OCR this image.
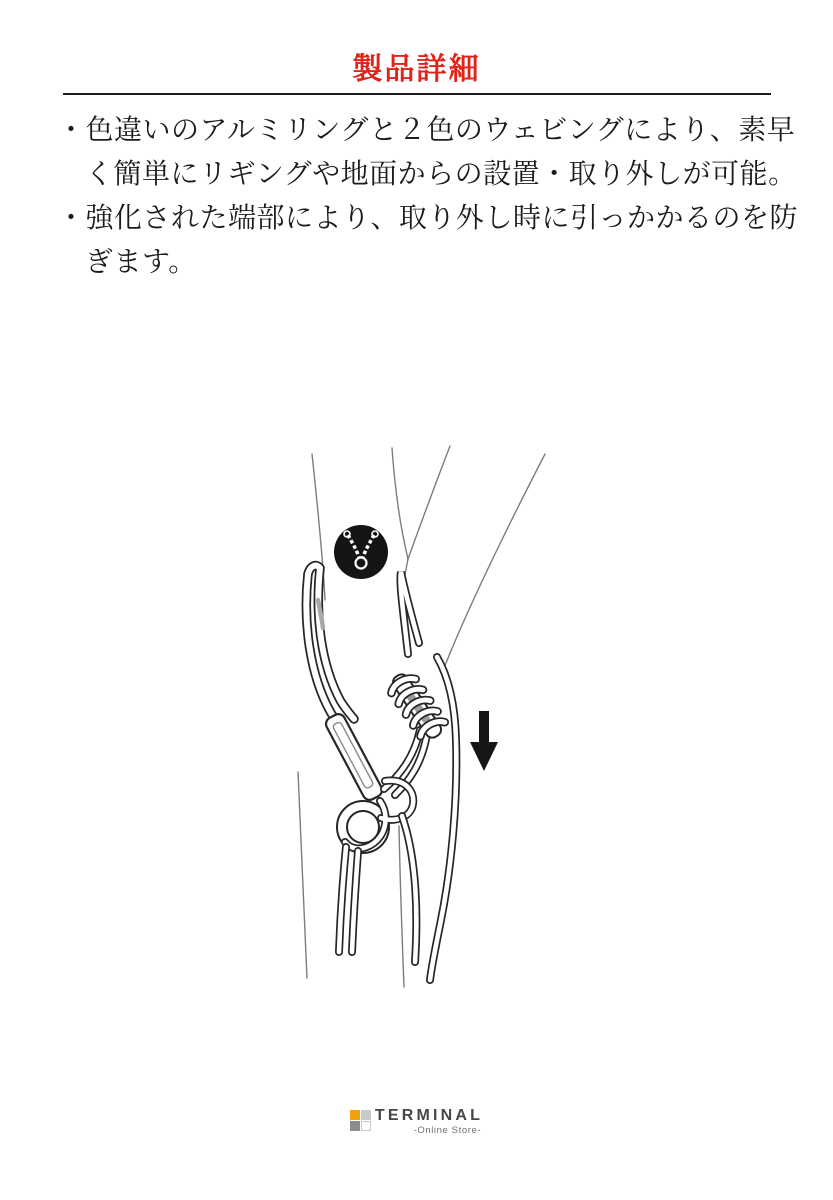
製品詳細
・色違いのアルミリングと２色のウェビングにより、素早く簡単にリギングや地面からの設置・取り外しが可能。
・強化された端部により、取り外し時に引っかかるのを防ぎます。
TERMINAL
-Online Store-
